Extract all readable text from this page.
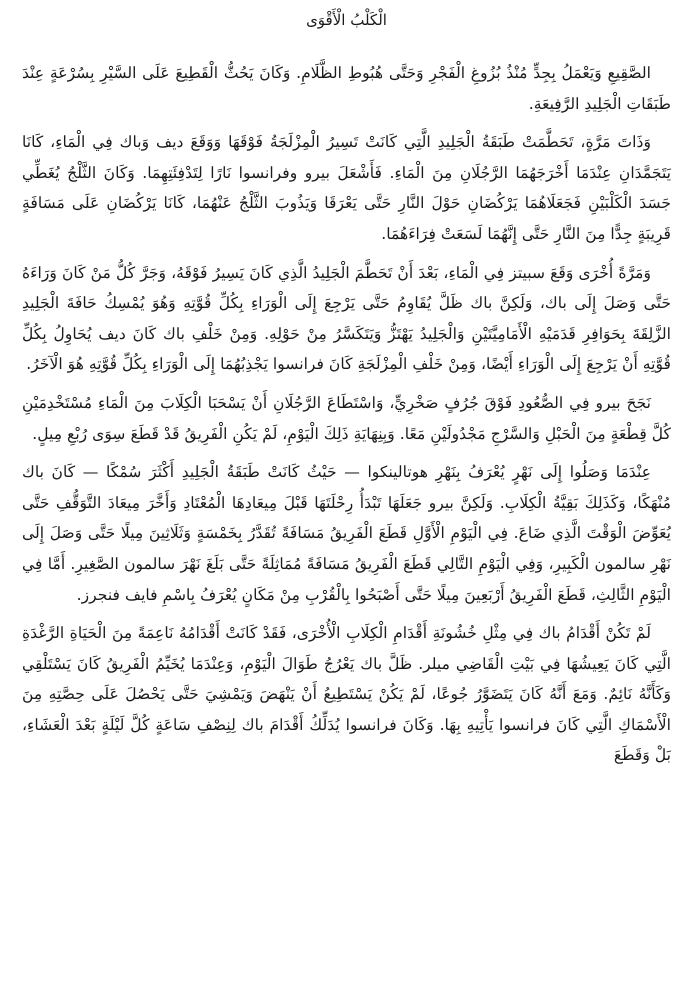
الْكَلْبُ الْأَقْوَى

الصَّقِيعِ وَيَعْمَلُ بِجِدٍّ مُنْذُ بُزُوغِ الْفَجْرِ وَحَتَّى هُبُوطِ الظَّلَامِ. وَكَانَ يَحُثُّ الْقَطِيعَ عَلَى السَّيْرِ بِسُرْعَةٍ عِنْدَ طَبَقَاتِ الْجَلِيدِ الرَّفِيعَةِ.

وَذَاتَ مَرَّةٍ، تَحَطَّمَتْ طَبَقَةُ الْجَلِيدِ الَّتِي كَانَتْ تَسِيرُ الْمِزْلَجَةُ فَوْقَهَا وَوَقَعَ ديف وَباك فِي الْمَاءِ، كَانَا يَتَجَمَّدَانِ عِنْدَمَا أَخْرَجَهُمَا الرَّجُلَانِ مِنَ الْمَاءِ. فَأَشْعَلَ بيرو وفرانسوا نَارًا لِتَدْفِئَتِهِمَا. وَكَانَ الثَّلْجُ يُغَطِّي جَسَدَ الْكَلْبَيْنِ فَجَعَلَاهُمَا يَرْكُضَانِ حَوْلَ النَّارِ حَتَّى يَعْرَقَا وَيَذُوبَ الثَّلْجُ عَنْهُمَا، كَانَا يَرْكُضَانِ عَلَى مَسَافَةٍ قَرِيبَةٍ جِدًّا مِنَ النَّارِ حَتَّى إِنَّهُمَا لَسَعَتْ فِرَاءَهُمَا.

وَمَرَّةً أُخْرَى وَقَعَ سبيتز فِي الْمَاءِ، بَعْدَ أَنْ تَحَطَّمَ الْجَلِيدُ الَّذِي كَانَ يَسِيرُ فَوْقَهُ، وَجَرَّ كُلُّ مَنْ كَانَ وَرَاءَهُ حَتَّى وَصَلَ إِلَى باك، وَلَكِنَّ باك ظَلَّ يُقَاوِمُ حَتَّى يَرْجِعَ إِلَى الْوَرَاءِ بِكُلِّ قُوَّتِهِ وَهُوَ يُمْسِكُ حَافَةَ الْجَلِيدِ الزَّلِقَةَ بِحَوَافِرِ قَدَمَيْهِ الْأَمَامِيَّتَيْنِ وَالْجَلِيدُ يَهْتَزُّ وَيَتَكَسَّرُ مِنْ حَوْلِهِ. وَمِنْ خَلْفِ باك كَانَ ديف يُحَاوِلُ بِكُلِّ قُوَّتِهِ أَنْ يَرْجِعَ إِلَى الْوَرَاءِ أَيْضًا، وَمِنْ خَلْفِ الْمِزْلَجَةِ كَانَ فرانسوا يَجْذِبُهُمَا إِلَى الْوَرَاءِ بِكُلِّ قُوَّتِهِ هُوَ الْآخَرُ.

نَجَحَ بيرو فِي الصُّعُودِ فَوْقَ جُرُفٍ صَخْرِيٍّ، وَاسْتَطَاعَ الرَّجُلَانِ أَنْ يَسْحَبَا الْكِلَابَ مِنَ الْمَاءِ مُسْتَخْدِمَيْنِ كُلَّ قِطْعَةٍ مِنَ الْحَبْلِ وَالسَّرْجِ مَجْدُولَيْنِ مَعًا. وَبِنِهَايَةِ ذَلِكَ الْيَوْمِ، لَمْ يَكُنِ الْفَرِيقُ قَدْ قَطَعَ سِوَى رُبْعِ مِيلٍ.

عِنْدَمَا وَصَلُوا إِلَى نَهْرٍ يُعْرَفُ بِنَهْرِ هوتالينكوا — حَيْثُ كَانَتْ طَبَقَةُ الْجَلِيدِ أَكْثَرَ سُمْكًا — كَانَ باك مُنْهَكًا، وَكَذَلِكَ بَقِيَّةُ الْكِلَابِ. وَلَكِنَّ بيرو جَعَلَهَا تَبْدَأُ رِحْلَتَهَا قَبْلَ مِيعَادِهَا الْمُعْتَادِ وَأَخَّرَ مِيعَادَ التَّوَقُّفِ حَتَّى يُعَوِّضَ الْوَقْتَ الَّذِي ضَاعَ. فِي الْيَوْمِ الْأَوَّلِ قَطَعَ الْفَرِيقُ مَسَافَةً تُقَدَّرُ بِخَمْسَةٍ وَثَلَاثِينَ مِيلًا حَتَّى وَصَلَ إِلَى نَهْرِ سالمون الْكَبِيرِ، وَفِي الْيَوْمِ التَّالِي قَطَعَ الْفَرِيقُ مَسَافَةً مُمَاثِلَةً حَتَّى بَلَغَ نَهْرَ سالمون الصَّغِيرِ. أَمَّا فِي الْيَوْمِ الثَّالِثِ، قَطَعَ الْفَرِيقُ أَرْبَعِينَ مِيلًا حَتَّى أَصْبَحُوا بِالْقُرْبِ مِنْ مَكَانٍ يُعْرَفُ بِاسْمِ فايف فنجرز.

لَمْ تَكُنْ أَقْدَامُ باك فِي مِثْلِ خُشُونَةِ أَقْدَامِ الْكِلَابِ الْأُخْرَى، فَقَدْ كَانَتْ أَقْدَامُهُ نَاعِمَةً مِنَ الْحَيَاةِ الرَّغْدَةِ الَّتِي كَانَ يَعِيشُهَا فِي بَيْتِ الْقَاضِي ميلر. ظَلَّ باك يَعْرُجُ طَوَالَ الْيَوْمِ، وَعِنْدَمَا يُخَيِّمُ الْفَرِيقُ كَانَ يَسْتَلْقِي وَكَأَنَّهُ نَائِمٌ. وَمَعَ أَنَّهُ كَانَ يَتَضَوَّرُ جُوعًا، لَمْ يَكُنْ يَسْتَطِيعُ أَنْ يَنْهَضَ وَيَمْشِيَ حَتَّى يَحْصُلَ عَلَى حِصَّتِهِ مِنَ الْأَسْمَاكِ الَّتِي كَانَ فرانسوا يَأْتِيهِ بِهَا. وَكَانَ فرانسوا يُدَلِّكُ أَقْدَامَ باك لِنِصْفِ سَاعَةٍ كُلَّ لَيْلَةٍ بَعْدَ الْعَشَاءِ، بَلْ وَقَطَعَ
